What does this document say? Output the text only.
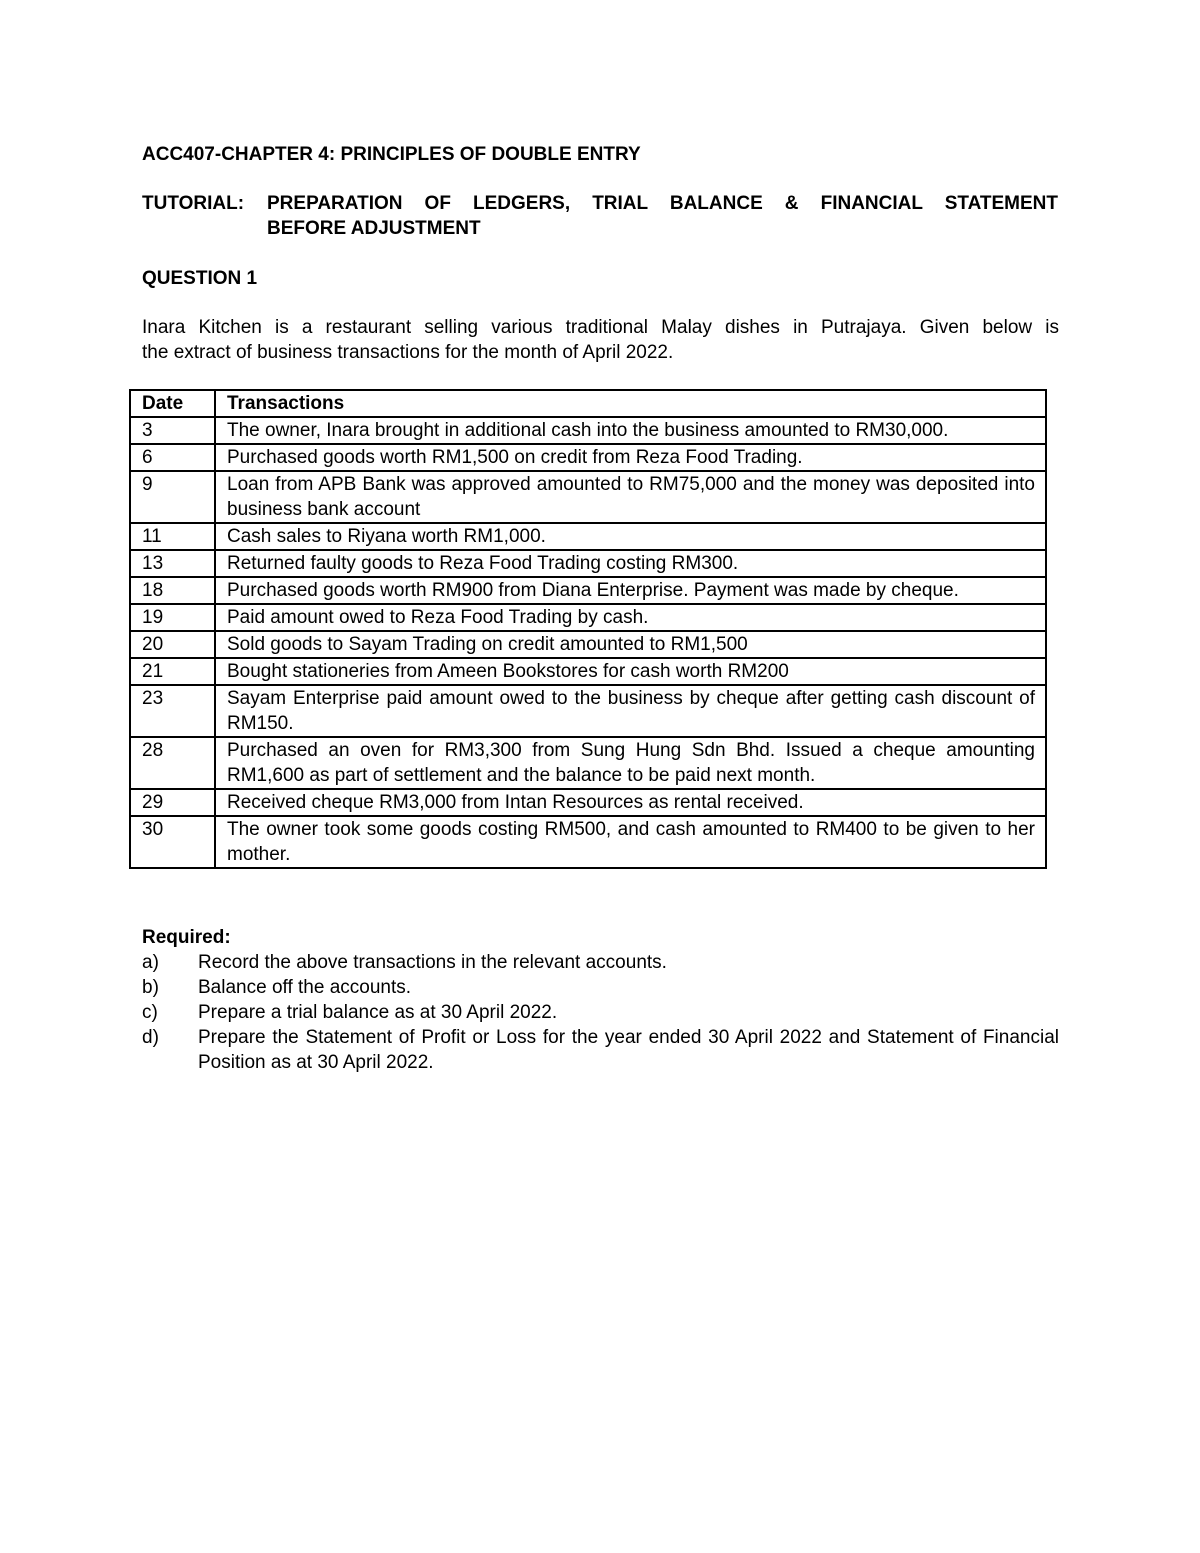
ACC407-CHAPTER 4: PRINCIPLES OF DOUBLE ENTRY
TUTORIAL: PREPARATION OF LEDGERS, TRIAL BALANCE & FINANCIAL STATEMENT
BEFORE ADJUSTMENT
QUESTION 1

Inara Kitchen is a restaurant selling various traditional Malay dishes in Putrajaya. Given below is
the extract of business transactions for the month of April 2022.

Date	Transactions
3	The owner, Inara brought in additional cash into the business amounted to RM30,000.
6	Purchased goods worth RM1,500 on credit from Reza Food Trading.
9	Loan from APB Bank was approved amounted to RM75,000 and the money was deposited into business bank account
11	Cash sales to Riyana worth RM1,000.
13	Returned faulty goods to Reza Food Trading costing RM300.
18	Purchased goods worth RM900 from Diana Enterprise. Payment was made by cheque.
19	Paid amount owed to Reza Food Trading by cash.
20	Sold goods to Sayam Trading on credit amounted to RM1,500
21	Bought stationeries from Ameen Bookstores for cash worth RM200
23	Sayam Enterprise paid amount owed to the business by cheque after getting cash discount of RM150.
28	Purchased an oven for RM3,300 from Sung Hung Sdn Bhd. Issued a cheque amounting RM1,600 as part of settlement and the balance to be paid next month.
29	Received cheque RM3,000 from Intan Resources as rental received.
30	The owner took some goods costing RM500, and cash amounted to RM400 to be given to her mother.
Required:
a)	Record the above transactions in the relevant accounts.
b)	Balance off the accounts.
c)	Prepare a trial balance as at 30 April 2022.
d)	Prepare the Statement of Profit or Loss for the year ended 30 April 2022 and Statement of Financial Position as at 30 April 2022.
